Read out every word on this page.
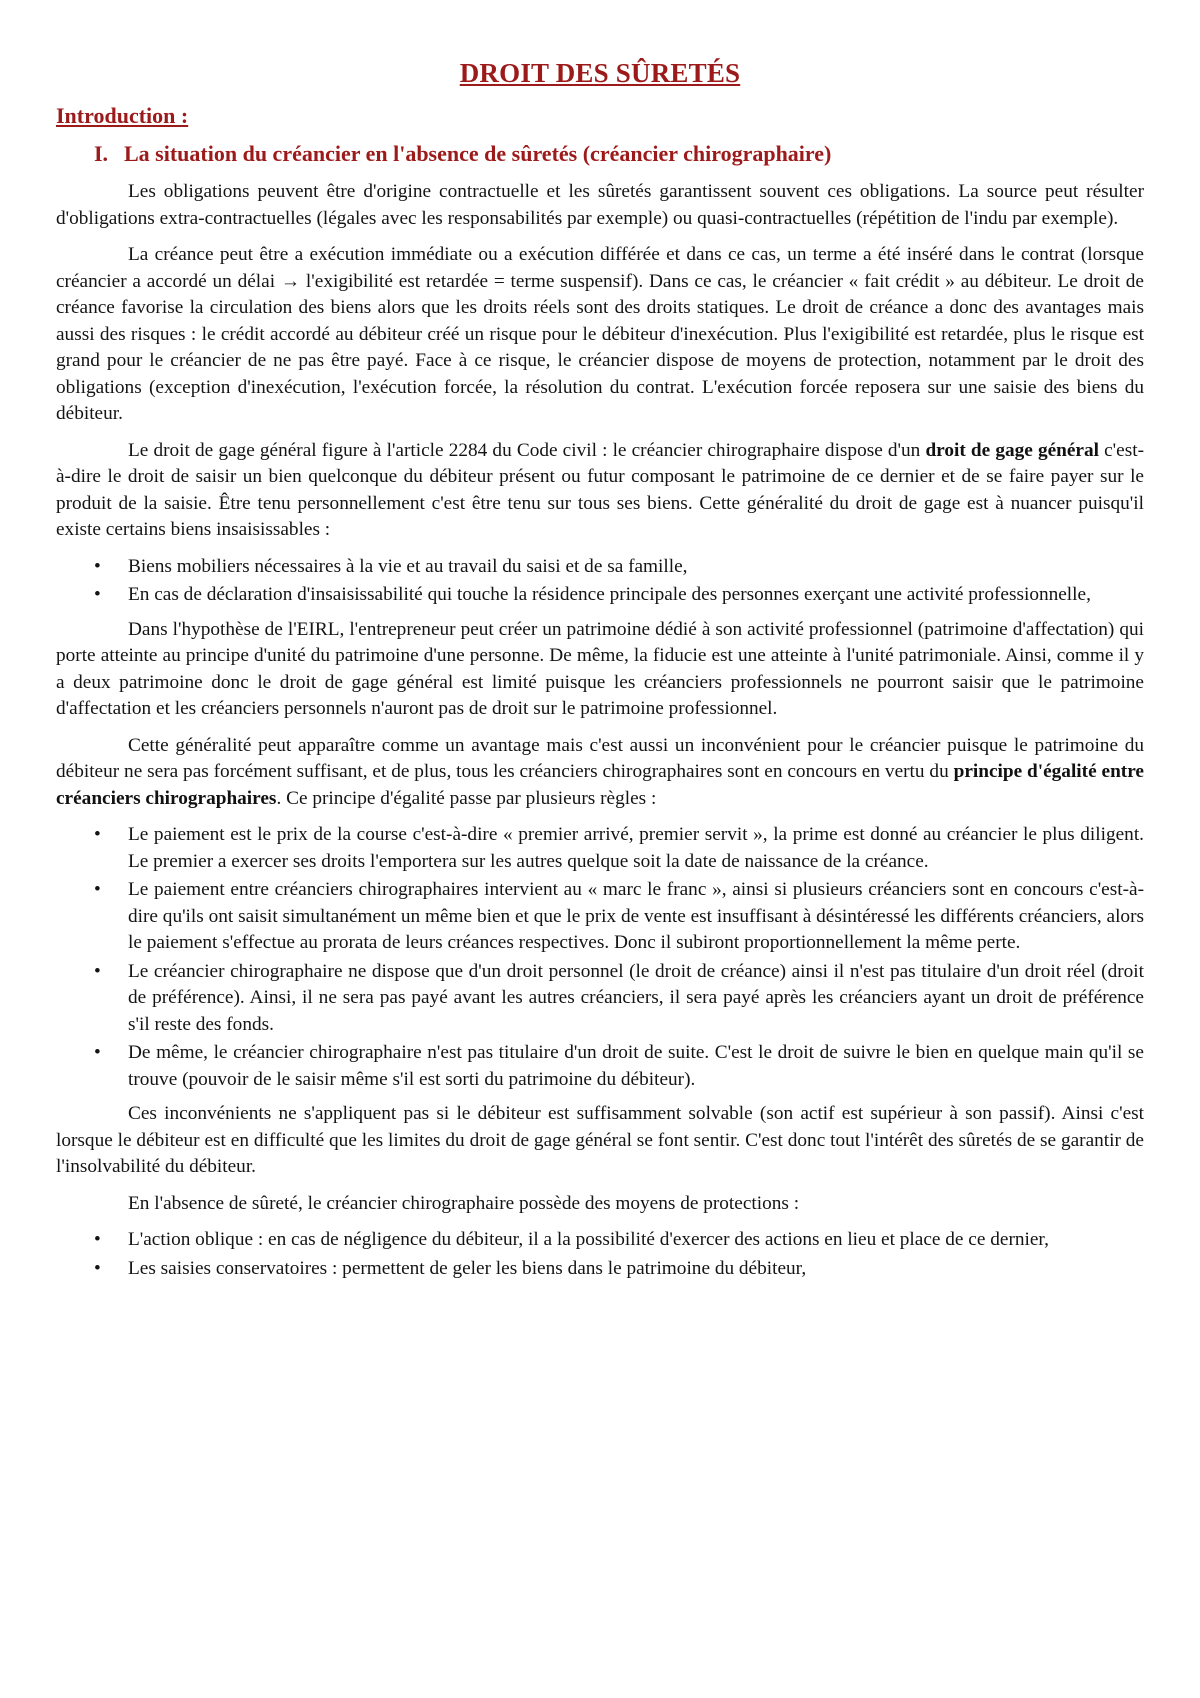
DROIT DES SÛRETÉS
Introduction :
I. La situation du créancier en l'absence de sûretés (créancier chirographaire)

Les obligations peuvent être d'origine contractuelle et les sûretés garantissent souvent ces obligations. La source peut résulter d'obligations extra-contractuelles (légales avec les responsabilités par exemple) ou quasi-contractuelles (répétition de l'indu par exemple).

La créance peut être a exécution immédiate ou a exécution différée et dans ce cas, un terme a été inséré dans le contrat (lorsque créancier a accordé un délai → l'exigibilité est retardée = terme suspensif). Dans ce cas, le créancier « fait crédit » au débiteur. Le droit de créance favorise la circulation des biens alors que les droits réels sont des droits statiques. Le droit de créance a donc des avantages mais aussi des risques : le crédit accordé au débiteur créé un risque pour le débiteur d'inexécution. Plus l'exigibilité est retardée, plus le risque est grand pour le créancier de ne pas être payé. Face à ce risque, le créancier dispose de moyens de protection, notamment par le droit des obligations (exception d'inexécution, l'exécution forcée, la résolution du contrat. L'exécution forcée reposera sur une saisie des biens du débiteur.

Le droit de gage général figure à l'article 2284 du Code civil : le créancier chirographaire dispose d'un droit de gage général c'est-à-dire le droit de saisir un bien quelconque du débiteur présent ou futur composant le patrimoine de ce dernier et de se faire payer sur le produit de la saisie. Être tenu personnellement c'est être tenu sur tous ses biens. Cette généralité du droit de gage est à nuancer puisqu'il existe certains biens insaisissables :

• Biens mobiliers nécessaires à la vie et au travail du saisi et de sa famille,
• En cas de déclaration d'insaisissabilité qui touche la résidence principale des personnes exerçant une activité professionnelle,

Dans l'hypothèse de l'EIRL, l'entrepreneur peut créer un patrimoine dédié à son activité professionnel (patrimoine d'affectation) qui porte atteinte au principe d'unité du patrimoine d'une personne. De même, la fiducie est une atteinte à l'unité patrimoniale. Ainsi, comme il y a deux patrimoine donc le droit de gage général est limité puisque les créanciers professionnels ne pourront saisir que le patrimoine d'affectation et les créanciers personnels n'auront pas de droit sur le patrimoine professionnel.

Cette généralité peut apparaître comme un avantage mais c'est aussi un inconvénient pour le créancier puisque le patrimoine du débiteur ne sera pas forcément suffisant, et de plus, tous les créanciers chirographaires sont en concours en vertu du principe d'égalité entre créanciers chirographaires. Ce principe d'égalité passe par plusieurs règles :

• Le paiement est le prix de la course c'est-à-dire « premier arrivé, premier servit », la prime est donné au créancier le plus diligent. Le premier a exercer ses droits l'emportera sur les autres quelque soit la date de naissance de la créance.
• Le paiement entre créanciers chirographaires intervient au « marc le franc », ainsi si plusieurs créanciers sont en concours c'est-à-dire qu'ils ont saisit simultanément un même bien et que le prix de vente est insuffisant à désintéressé les différents créanciers, alors le paiement s'effectue au prorata de leurs créances respectives. Donc il subiront proportionnellement la même perte.
• Le créancier chirographaire ne dispose que d'un droit personnel (le droit de créance) ainsi il n'est pas titulaire d'un droit réel (droit de préférence). Ainsi, il ne sera pas payé avant les autres créanciers, il sera payé après les créanciers ayant un droit de préférence s'il reste des fonds.
• De même, le créancier chirographaire n'est pas titulaire d'un droit de suite. C'est le droit de suivre le bien en quelque main qu'il se trouve (pouvoir de le saisir même s'il est sorti du patrimoine du débiteur).

Ces inconvénients ne s'appliquent pas si le débiteur est suffisamment solvable (son actif est supérieur à son passif). Ainsi c'est lorsque le débiteur est en difficulté que les limites du droit de gage général se font sentir. C'est donc tout l'intérêt des sûretés de se garantir de l'insolvabilité du débiteur.

En l'absence de sûreté, le créancier chirographaire possède des moyens de protections :

• L'action oblique : en cas de négligence du débiteur, il a la possibilité d'exercer des actions en lieu et place de ce dernier,
• Les saisies conservatoires : permettent de geler les biens dans le patrimoine du débiteur,
